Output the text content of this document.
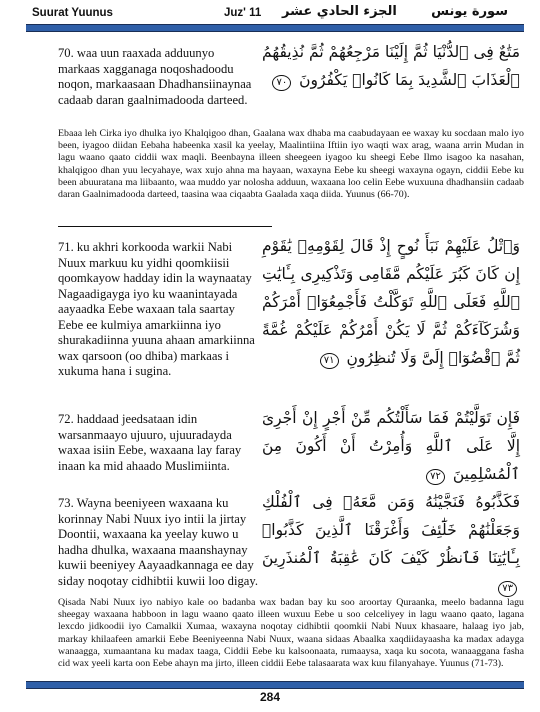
Suurat Yuunus	Juz' 11 الجزء الحادي عشر	سورة يونس
70. waa uun raaxada adduunyo markaas xagganaga noqoshadoodu noqon, markaasaan Dhadhansiinaynaa cadaab daran gaalnimadooda darteed.
مَتَٰعٌ فِى ٱلدُّنْيَا ثُمَّ إِلَيْنَا مَرْجِعُهُمْ ثُمَّ نُذِيقُهُمُ ٱلْعَذَابَ ٱلشَّدِيدَ بِمَا كَانُوا۟ يَكْفُرُونَ ٧٠
Ebaaa leh Cirka iyo dhulka iyo Khalqigoo dhan, Gaalana wax dhaba ma caabudayaan ee waxay ku socdaan malo iyo been, iyagoo diidan Eebaha habeenka xasil ka yeelay, Maalintiina Iftiin iyo waqti wax arag, waana arrin Mudan in lagu waano qaato ciddii wax maqli. Beenbayna illeen sheegeen iyagoo ku sheegi Eebe Ilmo isagoo ka nasahan, khalqigoo dhan yuu lecyahaye, wax xujo ahna ma hayaan, waxayna Eebe ku sheegi waxayna ogayn, ciddii Eebe ku been abuuratana ma liibaanto, waa muddo yar nolosha adduun, waxaana loo celin Eebe wuxuuna dhadhansiin cadaab daran Gaalnimadooda darteed, taasina waa ciqaabta Gaalada xaqa diida. Yuunus (66-70).
71. ku akhri korkooda warkii Nabi Nuux markuu ku yidhi qoomkiisii qoomkayow hadday idin la waynaatay Nagaadigayga iyo ku waanintayada aayaadka Eebe waxaan tala saartay Eebe ee kulmiya amarkiinna iyo shurakadiinna yuuna ahaan amarkiinna wax qarsoon (oo dhiba) markaas i xukuma hana i sugina.
وَٱتْلُ عَلَيْهِمْ نَبَأَ نُوحٍ إِذْ قَالَ لِقَوْمِهِۦ يَٰقَوْمِ إِن كَانَ كَبُرَ عَلَيْكُم مَّقَامِى وَتَذْكِيرِى بِـَٔايَٰتِ ٱللَّهِ فَعَلَى ٱللَّهِ تَوَكَّلْتُ فَأَجْمِعُوٓا۟ أَمْرَكُمْ وَشُرَكَآءَكُمْ ثُمَّ لَا يَكُنْ أَمْرُكُمْ عَلَيْكُمْ غُمَّةً ثُمَّ ٱقْضُوٓا۟ إِلَىَّ وَلَا تُنظِرُونِ ٧١
72. haddaad jeedsataan idin warsanmaayo ujuuro, ujuuradayda waxaa isiin Eebe, waxaana lay faray inaan ka mid ahaado Muslimiinta.
فَإِن تَوَلَّيْتُمْ فَمَا سَأَلْتُكُم مِّنْ أَجْرٍ إِنْ أَجْرِىَ إِلَّا عَلَى ٱللَّهِ وَأُمِرْتُ أَنْ أَكُونَ مِنَ ٱلْمُسْلِمِينَ ٧٢
73. Wayna beeniyeen waxaana ku korinnay Nabi Nuux iyo intii la jirtay Doontii, waxaana ka yeelay kuwo u hadha dhulka, waxaana maanshaynay kuwii beeniyey Aayaadkannaga ee day siday noqotay cidhibtii kuwii loo digay.
فَكَذَّبُوهُ فَنَجَّيْنَٰهُ وَمَن مَّعَهُۥ فِى ٱلْفُلْكِ وَجَعَلْنَٰهُمْ خَلَٰٓئِفَ وَأَغْرَقْنَا ٱلَّذِينَ كَذَّبُوا۟ بِـَٔايَٰتِنَا فَٱنظُرْ كَيْفَ كَانَ عَٰقِبَةُ ٱلْمُنذَرِينَ ٧٣
Qisada Nabi Nuux iyo nabiyo kale oo badanba wax badan bay ku soo aroortay Quraanka, meelo badanna lagu sheegay waxaana habboon in lagu waano qaato illeen wuxuu Eebe u soo celceliyey in lagu waano qaato, lagana lexcdo jidkoodii iyo Camalkii Xumaa, waxayna noqotay cidhibtii qoomkii Nabi Nuux khasaare, halaag iyo jab, markay khilaafeen amarkii Eebe Beeniyeenna Nabi Nuux, waana sidaas Abaalka xaqdiidayaasha ka madax adayga wanaagga, xumaantana ku madax taaga, Ciddii Eebe ku kalsoonaata, rumaaysa, xaqa ku socota, wanaaggana fasha cid wax yeeli karta oon Eebe ahayn ma jirto, illeen ciddii Eebe talasaarata wax kuu filanyahaye. Yuunus (71-73).
284
